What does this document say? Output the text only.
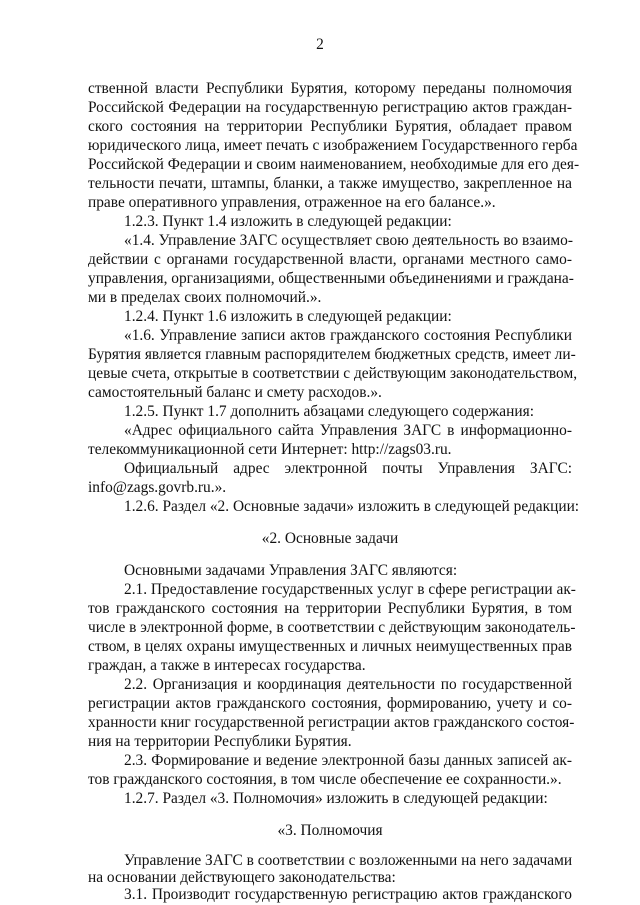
2
ственной власти Республики Бурятия, которому переданы полномочия
Российской Федерации на государственную регистрацию актов граждан-
ского состояния на территории Республики Бурятия, обладает правом
юридического лица, имеет печать с изображением Государственного герба
Российской Федерации и своим наименованием, необходимые для его дея-
тельности печати, штампы, бланки, а также имущество, закрепленное на
праве оперативного управления, отраженное на его балансе.».
1.2.3. Пункт 1.4 изложить в следующей редакции:
«1.4. Управление ЗАГС осуществляет свою деятельность во взаимо-
действии с органами государственной власти, органами местного само-
управления, организациями, общественными объединениями и граждана-
ми в пределах своих полномочий.».
1.2.4. Пункт 1.6 изложить в следующей редакции:
«1.6. Управление записи актов гражданского состояния Республики
Бурятия является главным распорядителем бюджетных средств, имеет ли-
цевые счета, открытые в соответствии с действующим законодательством,
самостоятельный баланс и смету расходов.».
1.2.5. Пункт 1.7 дополнить абзацами следующего содержания:
«Адрес официального сайта Управления ЗАГС в информационно-
телекоммуникационной сети Интернет: http://zags03.ru.
Официальный адрес электронной почты Управления ЗАГС:
info@zags.govrb.ru.».
1.2.6. Раздел «2. Основные задачи» изложить в следующей редакции:
«2. Основные задачи
Основными задачами Управления ЗАГС являются:
2.1. Предоставление государственных услуг в сфере регистрации ак-
тов гражданского состояния на территории Республики Бурятия, в том
числе в электронной форме, в соответствии с действующим законодатель-
ством, в целях охраны имущественных и личных неимущественных прав
граждан, а также в интересах государства.
2.2. Организация и координация деятельности по государственной
регистрации актов гражданского состояния, формированию, учету и со-
хранности книг государственной регистрации актов гражданского состоя-
ния на территории Республики Бурятия.
2.3. Формирование и ведение электронной базы данных записей ак-
тов гражданского состояния, в том числе обеспечение ее сохранности.».
1.2.7. Раздел «3. Полномочия» изложить в следующей редакции:
«3. Полномочия
Управление ЗАГС в соответствии с возложенными на него задачами
на основании действующего законодательства:
3.1. Производит государственную регистрацию актов гражданского
